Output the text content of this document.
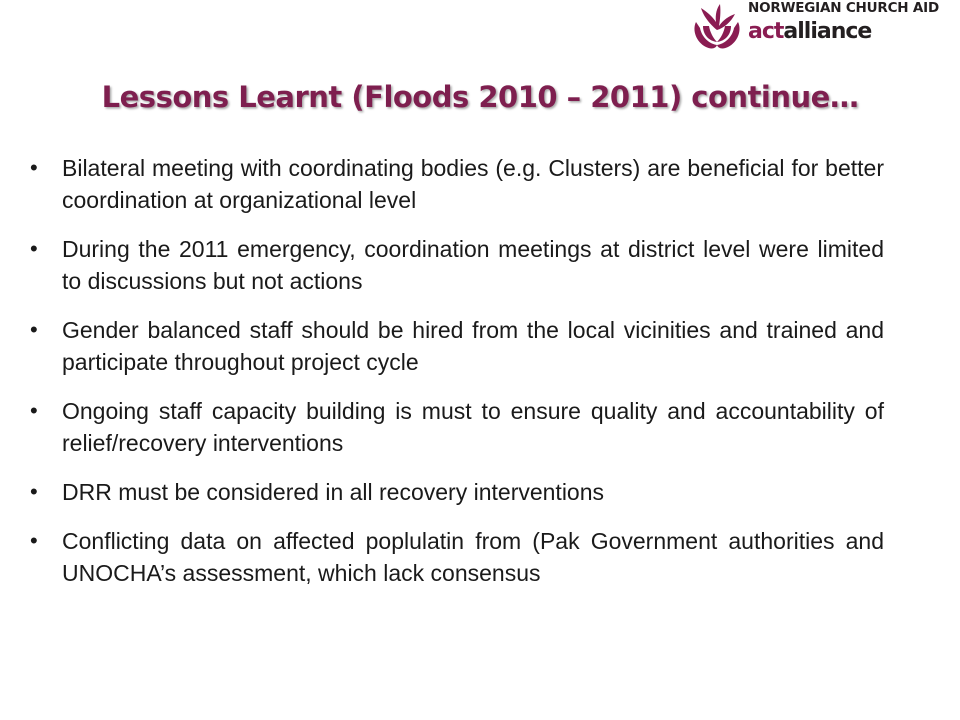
NORWEGIAN CHURCH AID
actalliance
Lessons Learnt (Floods 2010 – 2011) continue…
• Bilateral meeting with coordinating bodies (e.g. Clusters) are beneficial for better coordination at organizational level
• During the 2011 emergency, coordination meetings at district level were limited to discussions but not actions
• Gender balanced staff should be hired from the local vicinities and trained and participate throughout project cycle
• Ongoing staff capacity building is must to ensure quality and accountability of relief/recovery interventions
• DRR must be considered in all recovery interventions
• Conflicting data on affected poplulatin from (Pak Government authorities and UNOCHA’s assessment, which lack consensus
